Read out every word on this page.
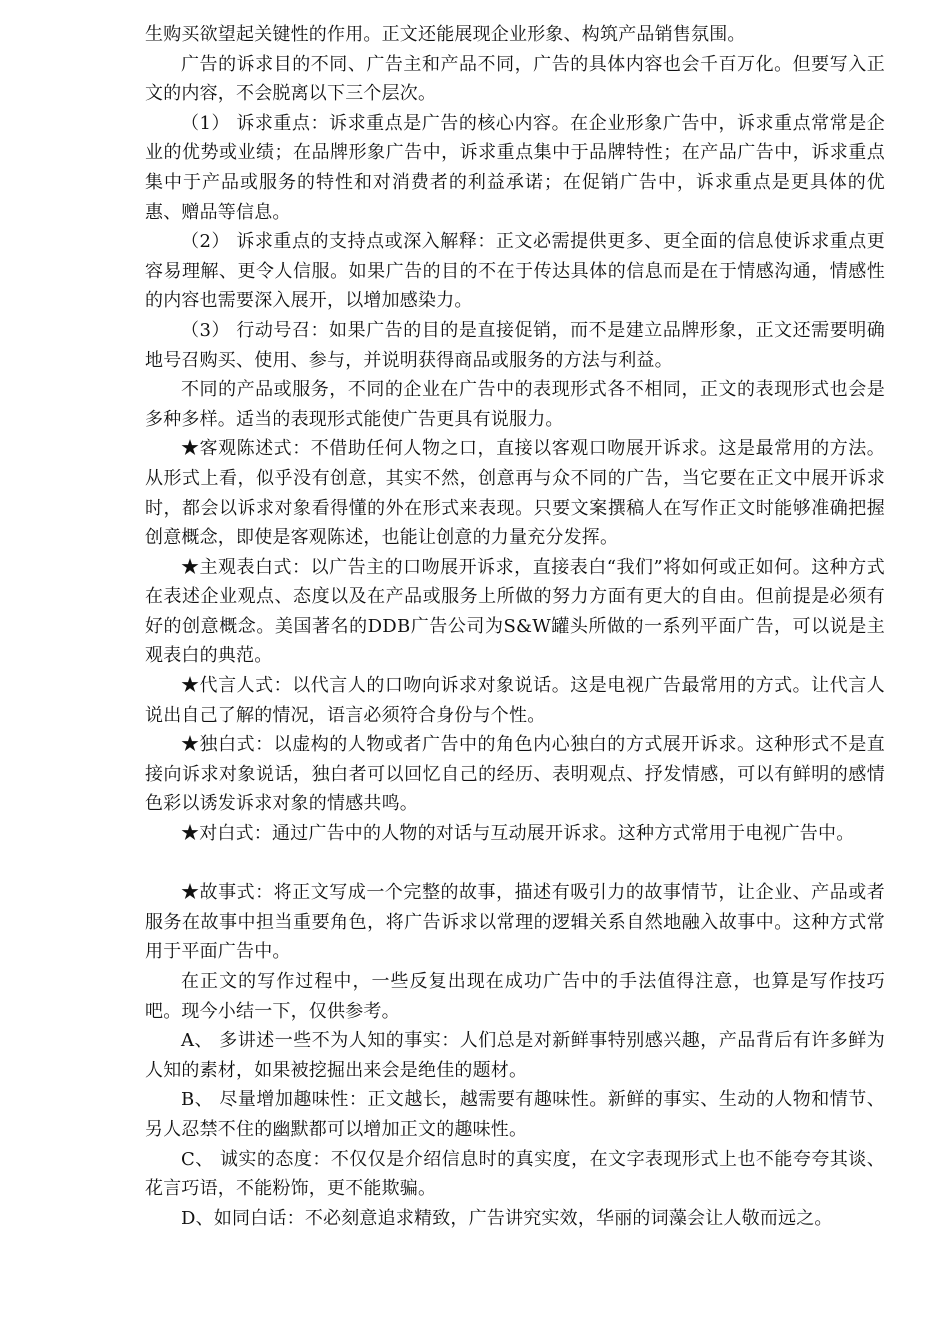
生购买欲望起关键性的作用。正文还能展现企业形象、构筑产品销售氛围。

广告的诉求目的不同、广告主和产品不同，广告的具体内容也会千百万化。但要写入正文的内容，不会脱离以下三个层次。

（1） 诉求重点：诉求重点是广告的核心内容。在企业形象广告中，诉求重点常常是企业的优势或业绩；在品牌形象广告中，诉求重点集中于品牌特性；在产品广告中，诉求重点集中于产品或服务的特性和对消费者的利益承诺；在促销广告中，诉求重点是更具体的优惠、赠品等信息。

（2） 诉求重点的支持点或深入解释：正文必需提供更多、更全面的信息使诉求重点更容易理解、更令人信服。如果广告的目的不在于传达具体的信息而是在于情感沟通，情感性的内容也需要深入展开，以增加感染力。

（3） 行动号召：如果广告的目的是直接促销，而不是建立品牌形象，正文还需要明确地号召购买、使用、参与，并说明获得商品或服务的方法与利益。

不同的产品或服务，不同的企业在广告中的表现形式各不相同，正文的表现形式也会是多种多样。适当的表现形式能使广告更具有说服力。

★客观陈述式：不借助任何人物之口，直接以客观口吻展开诉求。这是最常用的方法。从形式上看，似乎没有创意，其实不然，创意再与众不同的广告，当它要在正文中展开诉求时，都会以诉求对象看得懂的外在形式来表现。只要文案撰稿人在写作正文时能够准确把握创意概念，即使是客观陈述，也能让创意的力量充分发挥。

★主观表白式：以广告主的口吻展开诉求，直接表白“我们”将如何或正如何。这种方式在表述企业观点、态度以及在产品或服务上所做的努力方面有更大的自由。但前提是必须有好的创意概念。美国著名的DDB广告公司为S&W罐头所做的一系列平面广告，可以说是主观表白的典范。

★代言人式：以代言人的口吻向诉求对象说话。这是电视广告最常用的方式。让代言人说出自己了解的情况，语言必须符合身份与个性。

★独白式：以虚构的人物或者广告中的角色内心独白的方式展开诉求。这种形式不是直接向诉求对象说话，独白者可以回忆自己的经历、表明观点、抒发情感，可以有鲜明的感情色彩以诱发诉求对象的情感共鸣。

★对白式：通过广告中的人物的对话与互动展开诉求。这种方式常用于电视广告中。

★故事式：将正文写成一个完整的故事，描述有吸引力的故事情节，让企业、产品或者服务在故事中担当重要角色，将广告诉求以常理的逻辑关系自然地融入故事中。这种方式常用于平面广告中。

在正文的写作过程中，一些反复出现在成功广告中的手法值得注意，也算是写作技巧吧。现今小结一下，仅供参考。

A、 多讲述一些不为人知的事实：人们总是对新鲜事特别感兴趣，产品背后有许多鲜为人知的素材，如果被挖掘出来会是绝佳的题材。

B、 尽量增加趣味性：正文越长，越需要有趣味性。新鲜的事实、生动的人物和情节、另人忍禁不住的幽默都可以增加正文的趣味性。

C、 诚实的态度：不仅仅是介绍信息时的真实度，在文字表现形式上也不能夸夸其谈、花言巧语，不能粉饰，更不能欺骗。

D、如同白话：不必刻意追求精致，广告讲究实效，华丽的词藻会让人敬而远之。
